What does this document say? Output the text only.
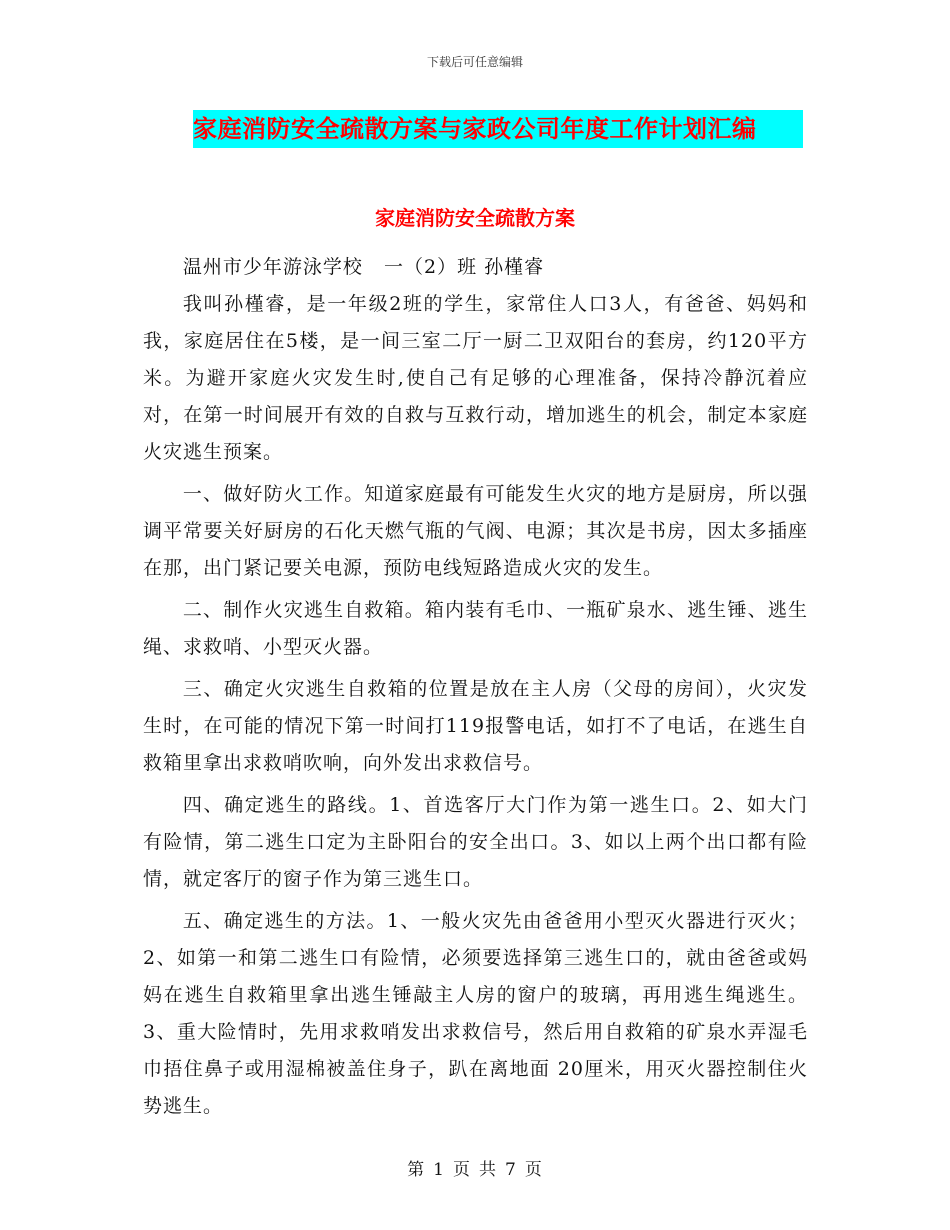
下载后可任意编辑
家庭消防安全疏散方案与家政公司年度工作计划汇编
家庭消防安全疏散方案

温州市少年游泳学校   一（2）班 孙槿睿

我叫孙槿睿，是一年级2班的学生，家常住人口3人，有爸爸、妈妈和我，家庭居住在5楼，是一间三室二厅一厨二卫双阳台的套房，约120平方米。为避开家庭火灾发生时,使自己有足够的心理准备，保持冷静沉着应对，在第一时间展开有效的自救与互救行动，增加逃生的机会，制定本家庭火灾逃生预案。

一、做好防火工作。知道家庭最有可能发生火灾的地方是厨房，所以强调平常要关好厨房的石化天燃气瓶的气阀、电源；其次是书房，因太多插座在那，出门紧记要关电源，预防电线短路造成火灾的发生。

二、制作火灾逃生自救箱。箱内装有毛巾、一瓶矿泉水、逃生锤、逃生绳、求救哨、小型灭火器。

三、确定火灾逃生自救箱的位置是放在主人房（父母的房间），火灾发生时，在可能的情况下第一时间打119报警电话，如打不了电话，在逃生自救箱里拿出求救哨吹响，向外发出求救信号。

四、确定逃生的路线。1、首选客厅大门作为第一逃生口。2、如大门有险情，第二逃生口定为主卧阳台的安全出口。3、如以上两个出口都有险情，就定客厅的窗子作为第三逃生口。

五、确定逃生的方法。1、一般火灾先由爸爸用小型灭火器进行灭火；2、如第一和第二逃生口有险情，必须要选择第三逃生口的，就由爸爸或妈妈在逃生自救箱里拿出逃生锤敲主人房的窗户的玻璃，再用逃生绳逃生。3、重大险情时，先用求救哨发出求救信号，然后用自救箱的矿泉水弄湿毛巾捂住鼻子或用湿棉被盖住身子，趴在离地面 20厘米，用灭火器控制住火势逃生。

第 1 页 共 7 页
